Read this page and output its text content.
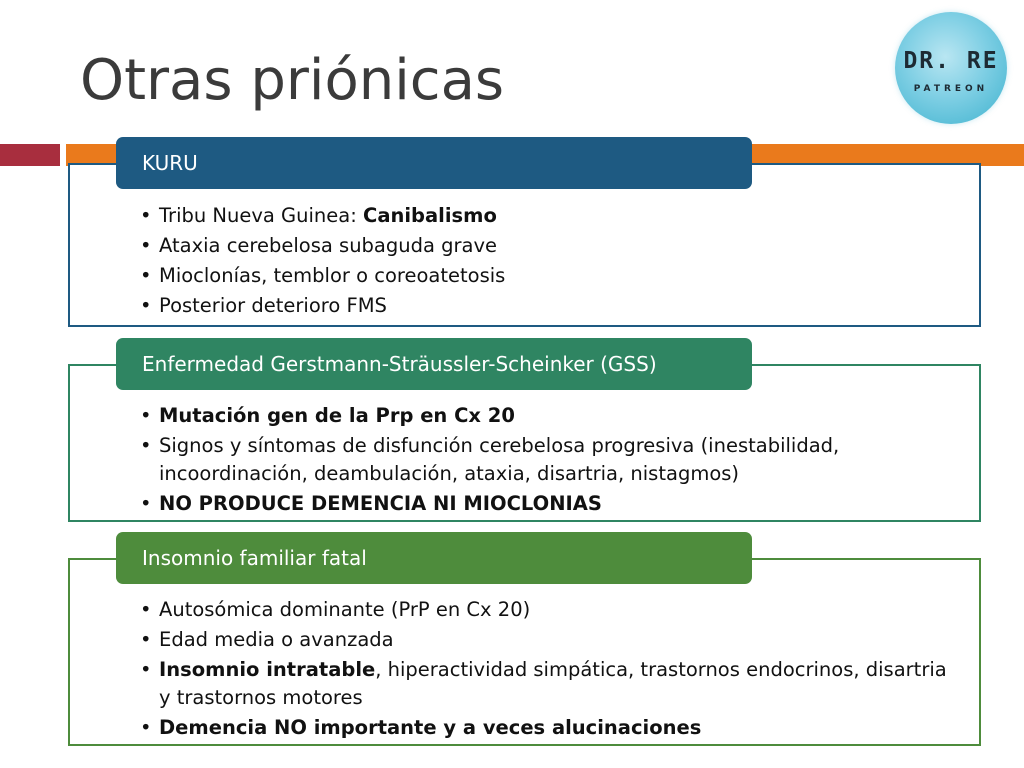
Otras priónicas	DR. RE
PATREON
KURU
• Tribu Nueva Guinea: Canibalismo
• Ataxia cerebelosa subaguda grave
• Mioclonías, temblor o coreoatetosis
• Posterior deterioro FMS
Enfermedad Gerstmann-Sträussler-Scheinker (GSS)
• Mutación gen de la Prp en Cx 20
• Signos y síntomas de disfunción cerebelosa progresiva (inestabilidad, incoordinación, deambulación, ataxia, disartria, nistagmos)
• NO PRODUCE DEMENCIA NI MIOCLONIAS
Insomnio familiar fatal
• Autosómica dominante (PrP en Cx 20)
• Edad media o avanzada
• Insomnio intratable, hiperactividad simpática, trastornos endocrinos, disartria y trastornos motores
• Demencia NO importante y a veces alucinaciones
